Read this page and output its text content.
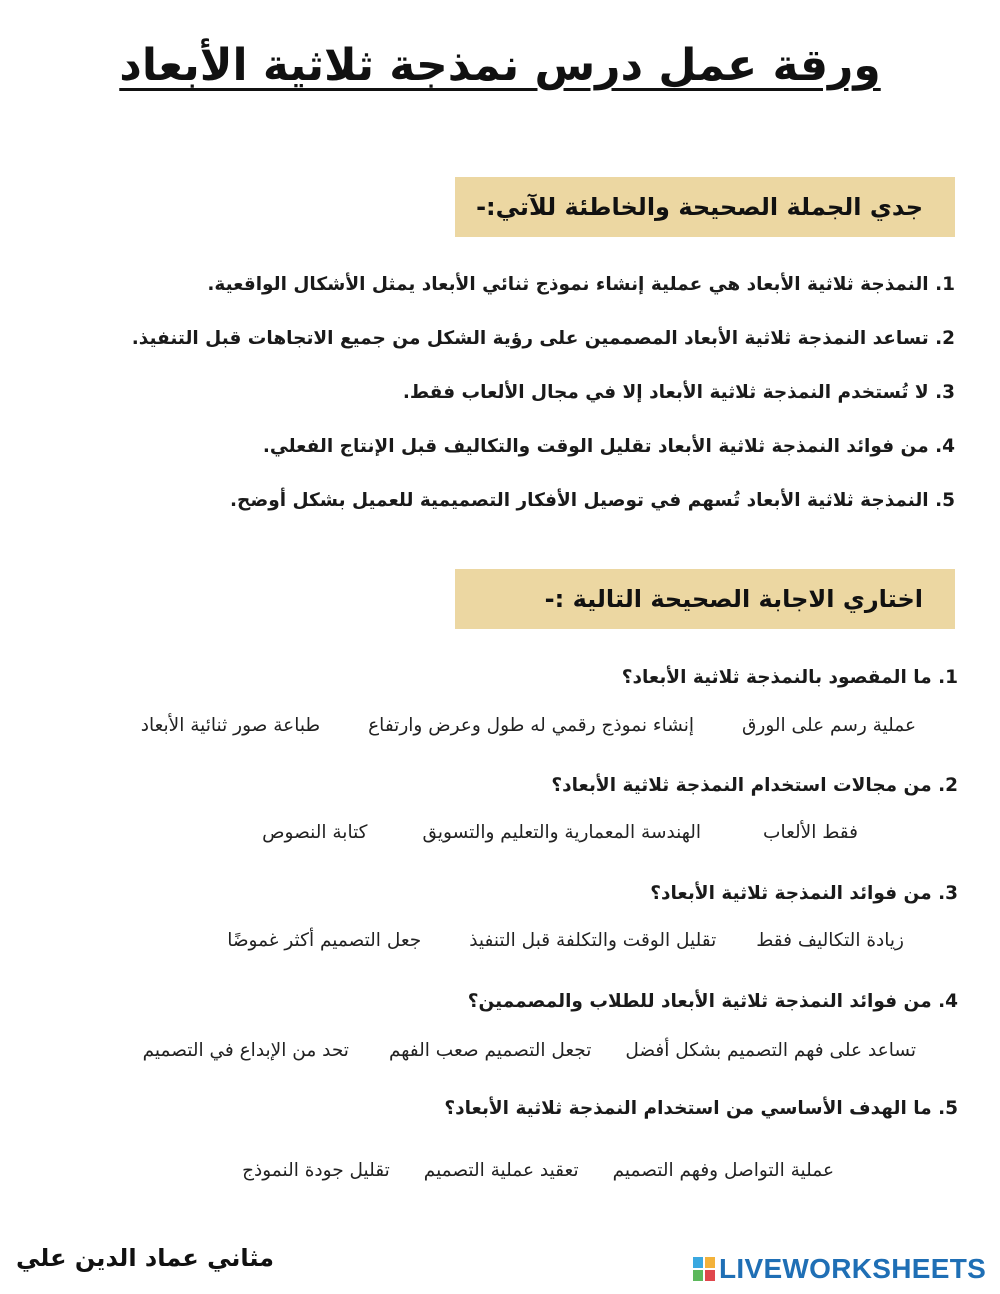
ورقة عمل درس نمذجة ثلاثية الأبعاد
جدي الجملة الصحيحة والخاطئة للآتي:-
1. النمذجة ثلاثية الأبعاد هي عملية إنشاء نموذج ثنائي الأبعاد يمثل الأشكال الواقعية.
2. تساعد النمذجة ثلاثية الأبعاد المصممين على رؤية الشكل من جميع الاتجاهات قبل التنفيذ.
3. لا تُستخدم النمذجة ثلاثية الأبعاد إلا في مجال الألعاب فقط.
4. من فوائد النمذجة ثلاثية الأبعاد تقليل الوقت والتكاليف قبل الإنتاج الفعلي.
5. النمذجة ثلاثية الأبعاد تُسهم في توصيل الأفكار التصميمية للعميل بشكل أوضح.
اختاري الاجابة الصحيحة التالية :-
1. ما المقصود بالنمذجة ثلاثية الأبعاد؟
عملية رسم على الورق
إنشاء نموذج رقمي له طول وعرض وارتفاع
طباعة صور ثنائية الأبعاد
2. من مجالات استخدام النمذجة ثلاثية الأبعاد؟
فقط الألعاب
الهندسة المعمارية والتعليم والتسويق
كتابة النصوص
3. من فوائد النمذجة ثلاثية الأبعاد؟
زيادة التكاليف فقط
تقليل الوقت والتكلفة قبل التنفيذ
جعل التصميم أكثر غموضًا
4. من فوائد النمذجة ثلاثية الأبعاد للطلاب والمصممين؟
تساعد على فهم التصميم بشكل أفضل
تجعل التصميم صعب الفهم
تحد من الإبداع في التصميم
5. ما الهدف الأساسي من استخدام النمذجة ثلاثية الأبعاد؟
عملية التواصل وفهم التصميم
تعقيد عملية التصميم
تقليل جودة النموذج
مثاني عماد الدين علي	LIVEWORKSHEETS
